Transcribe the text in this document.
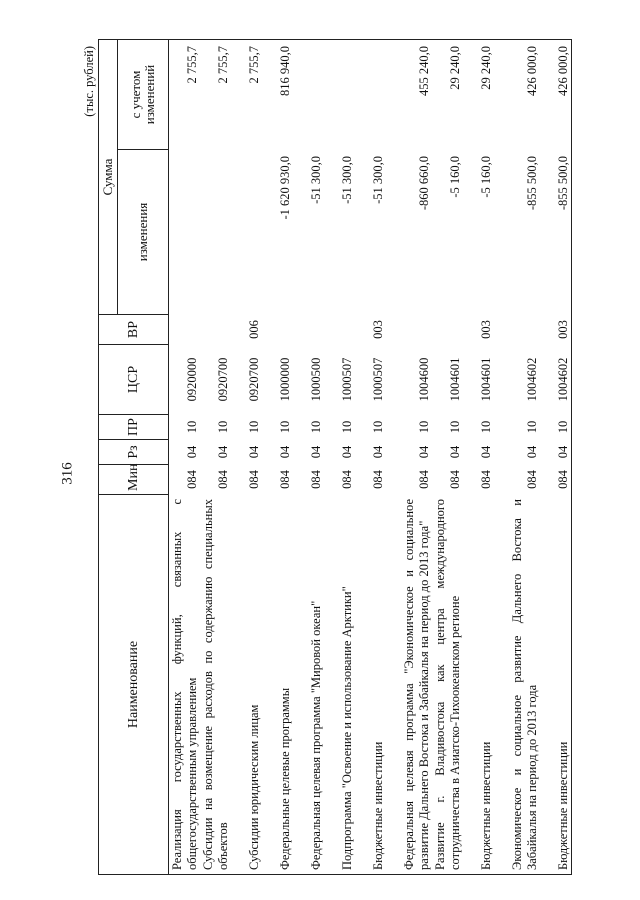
316
(тыс. рублей)
Наименование	Мин	Рз	ПР	ЦСР	ВР	Сумма	
						изменения	с учетом изменений
Реализация государственных функций, связанных с общегосударственным управлением	084	04	10	0920000			2 755,7
Субсидии на возмещение расходов по содержанию специальных объектов	084	04	10	0920700			2 755,7
Субсидии юридическим лицам	084	04	10	0920700	006		2 755,7
Федеральные целевые программы	084	04	10	1000000		-1 620 930,0	816 940,0
Федеральная целевая программа "Мировой океан"	084	04	10	1000500		-51 300,0	
Подпрограмма "Освоение и использование Арктики"	084	04	10	1000507		-51 300,0	
Бюджетные инвестиции	084	04	10	1000507	003	-51 300,0	
Федеральная целевая программа "Экономическое и социальное развитие Дальнего Востока и Забайкалья на период до 2013 года"	084	04	10	1004600		-860 660,0	455 240,0
Развитие г. Владивостока как центра международного сотрудничества в Азиатско-Тихоокеанском регионе	084	04	10	1004601		-5 160,0	29 240,0
Бюджетные инвестиции	084	04	10	1004601	003	-5 160,0	29 240,0
Экономическое и социальное развитие Дальнего Востока и Забайкалья на период до 2013 года	084	04	10	1004602		-855 500,0	426 000,0
Бюджетные инвестиции	084	04	10	1004602	003	-855 500,0	426 000,0
